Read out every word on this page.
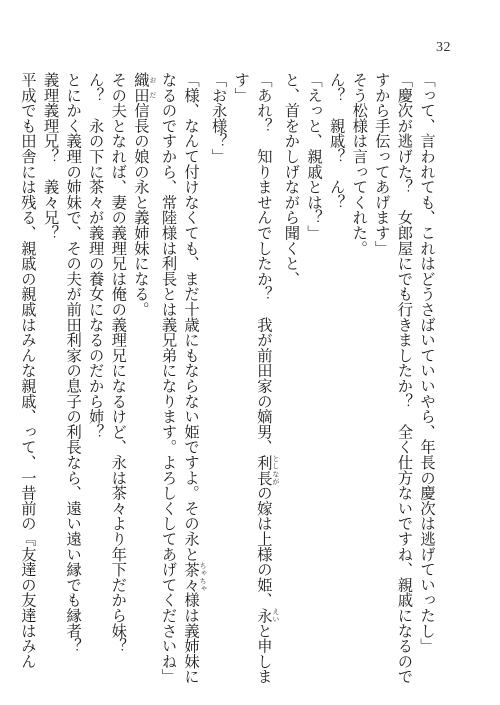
32
「って、言われても、これはどうさばいていいやら、年長の慶次は逃げていったし」
「慶次が逃げた？　女郎屋にでも行きましたか？　全く仕方ないですね、親戚になるので
すから手伝ってあげます」
そう松様は言ってくれた。
ん？　親戚？　ん？
「えっと、親戚とは？」
と、首をかしげながら聞くと、
「あれ？　知りませんでしたか？　我が前田家の嫡男、利長 としながの嫁は上様の姫、永 えいと申しま
す」
「お永様？」
「様、なんて付けなくても、まだ十歳にもならない姫ですよ。その永と茶々 ちゃちゃ様は義姉妹に
なるのですから、常陸様は利長とは義兄弟になります。よろしくしてあげてくださいね」
織田 おだ信長の娘の永と義姉妹になる。
その夫となれば、妻の義理兄は俺の義理兄になるけど、永は茶々より年下だから妹？
ん？　永の下に茶々が義理の養女になるのだから姉？
とにかく義理の姉妹で、その夫が前田利家の息子の利長なら、遠い遠い縁でも縁者？
義理義理兄？　義々兄？
平成でも田舎には残る、親戚の親戚はみんな親戚、って、一昔前の『友達の友達はみん
